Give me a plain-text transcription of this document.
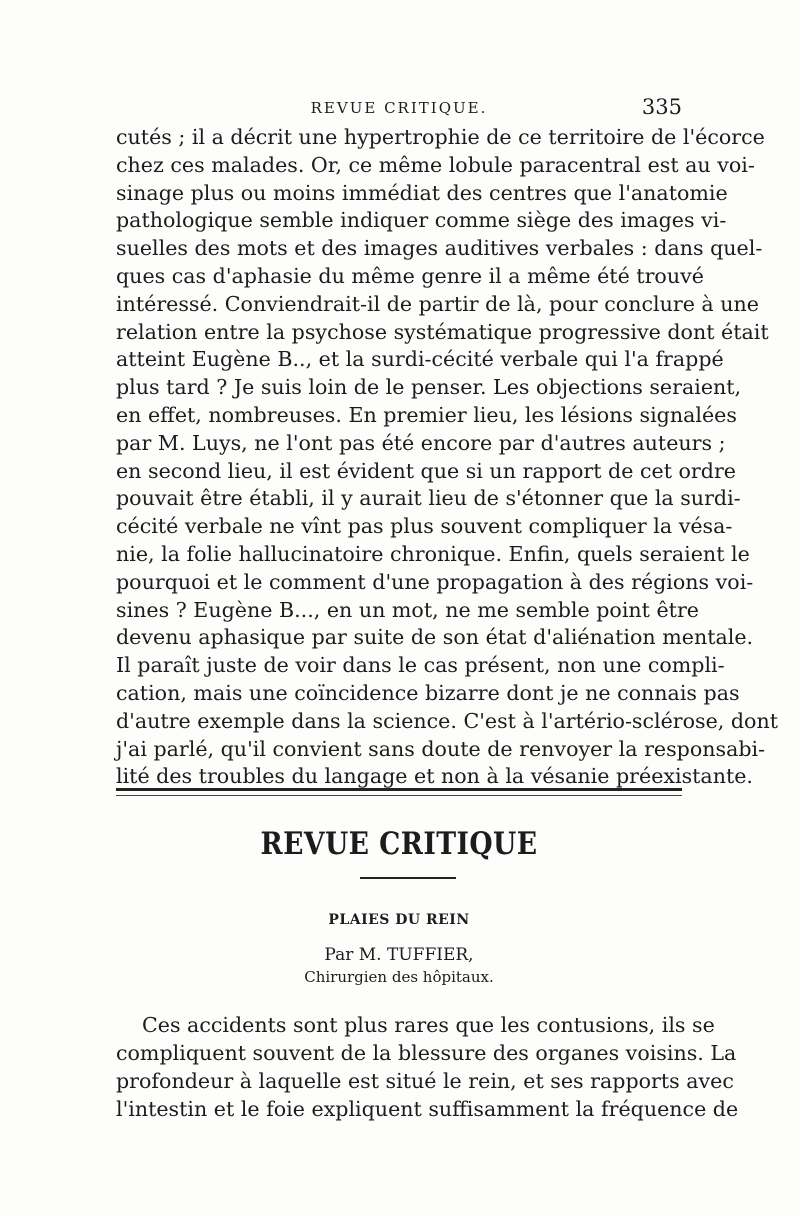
REVUE CRITIQUE.	335
cutés ; il a décrit une hypertrophie de ce territoire de l'écorce
chez ces malades. Or, ce même lobule paracentral est au voi-
sinage plus ou moins immédiat des centres que l'anatomie
pathologique semble indiquer comme siège des images vi-
suelles des mots et des images auditives verbales : dans quel-
ques cas d'aphasie du même genre il a même été trouvé
intéressé. Conviendrait-il de partir de là, pour conclure à une
relation entre la psychose systématique progressive dont était
atteint Eugène B.., et la surdi-cécité verbale qui l'a frappé
plus tard ? Je suis loin de le penser. Les objections seraient,
en effet, nombreuses. En premier lieu, les lésions signalées
par M. Luys, ne l'ont pas été encore par d'autres auteurs ;
en second lieu, il est évident que si un rapport de cet ordre
pouvait être établi, il y aurait lieu de s'étonner que la surdi-
cécité verbale ne vînt pas plus souvent compliquer la vésa-
nie, la folie hallucinatoire chronique. Enfin, quels seraient le
pourquoi et le comment d'une propagation à des régions voi-
sines ? Eugène B..., en un mot, ne me semble point être
devenu aphasique par suite de son état d'aliénation mentale.
Il paraît juste de voir dans le cas présent, non une compli-
cation, mais une coïncidence bizarre dont je ne connais pas
d'autre exemple dans la science. C'est à l'artério-sclérose, dont
j'ai parlé, qu'il convient sans doute de renvoyer la responsabi-
lité des troubles du langage et non à la vésanie préexistante.
REVUE CRITIQUE
PLAIES DU REIN
Par M. TUFFIER,
Chirurgien des hôpitaux.
Ces accidents sont plus rares que les contusions, ils se
compliquent souvent de la blessure des organes voisins. La
profondeur à laquelle est situé le rein, et ses rapports avec
l'intestin et le foie expliquent suffisamment la fréquence de
